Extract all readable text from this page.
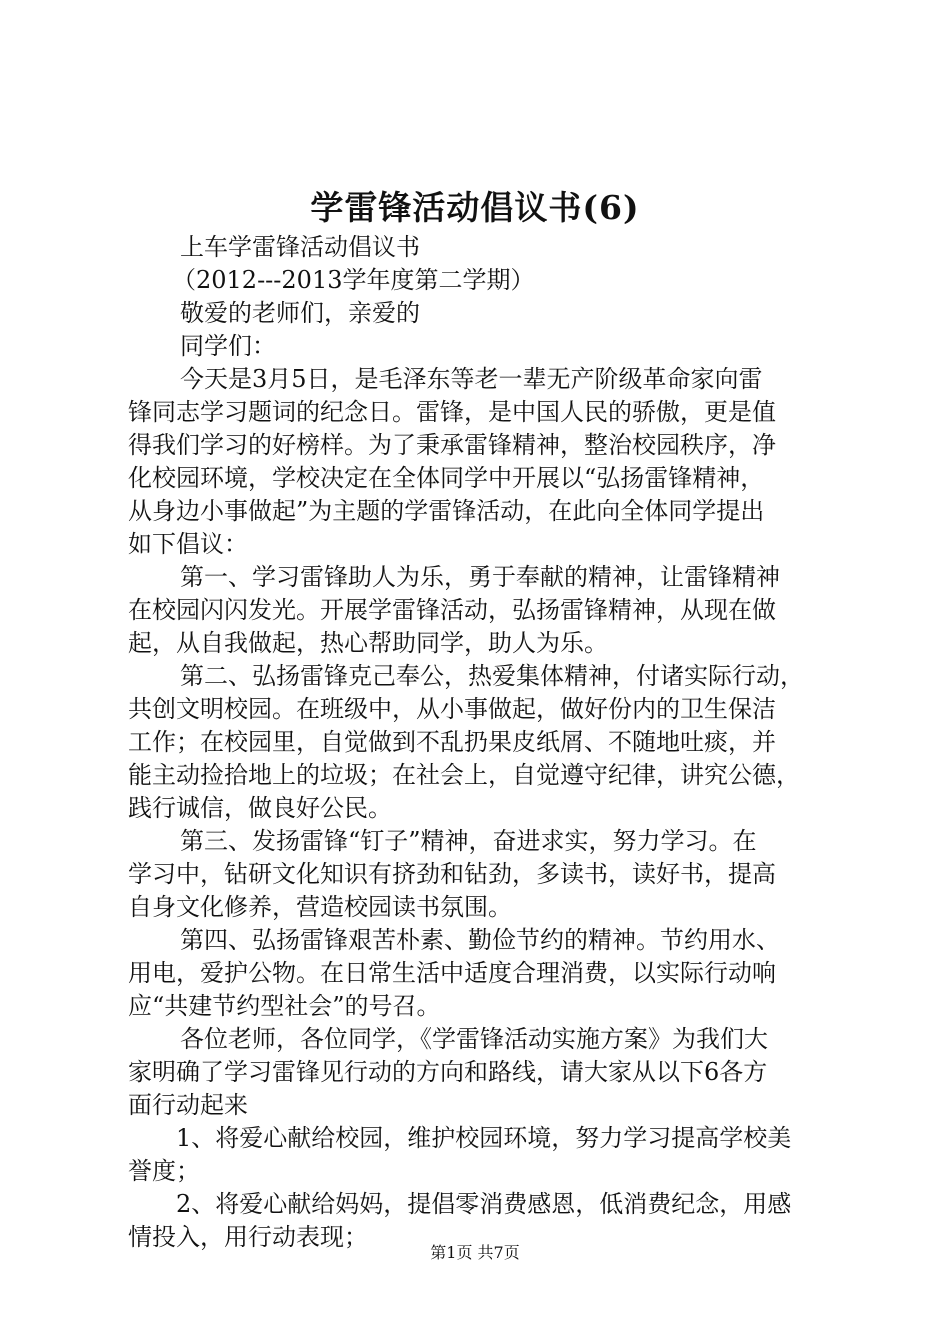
学雷锋活动倡议书(6)
上车学雷锋活动倡议书
（2012---2013学年度第二学期）
敬爱的老师们，亲爱的
同学们：
今天是3月5日，是毛泽东等老一辈无产阶级革命家向雷
锋同志学习题词的纪念日。雷锋，是中国人民的骄傲，更是值
得我们学习的好榜样。为了秉承雷锋精神，整治校园秩序，净
化校园环境，学校决定在全体同学中开展以“弘扬雷锋精神，
从身边小事做起”为主题的学雷锋活动，在此向全体同学提出
如下倡议：
第一、学习雷锋助人为乐，勇于奉献的精神，让雷锋精神
在校园闪闪发光。开展学雷锋活动，弘扬雷锋精神，从现在做
起，从自我做起，热心帮助同学，助人为乐。
第二、弘扬雷锋克己奉公，热爱集体精神，付诸实际行动，
共创文明校园。在班级中，从小事做起，做好份内的卫生保洁
工作；在校园里，自觉做到不乱扔果皮纸屑、不随地吐痰，并
能主动捡拾地上的垃圾；在社会上，自觉遵守纪律，讲究公德，
践行诚信，做良好公民。
第三、发扬雷锋“钉子”精神，奋进求实，努力学习。在
学习中，钻研文化知识有挤劲和钻劲，多读书，读好书，提高
自身文化修养，营造校园读书氛围。
第四、弘扬雷锋艰苦朴素、勤俭节约的精神。节约用水、
用电，爱护公物。在日常生活中适度合理消费，以实际行动响
应“共建节约型社会”的号召。
各位老师，各位同学，《学雷锋活动实施方案》为我们大
家明确了学习雷锋见行动的方向和路线，请大家从以下6各方
面行动起来
1、将爱心献给校园，维护校园环境，努力学习提高学校美
誉度；
2、将爱心献给妈妈，提倡零消费感恩，低消费纪念，用感
情投入，用行动表现；
第1页 共7页
